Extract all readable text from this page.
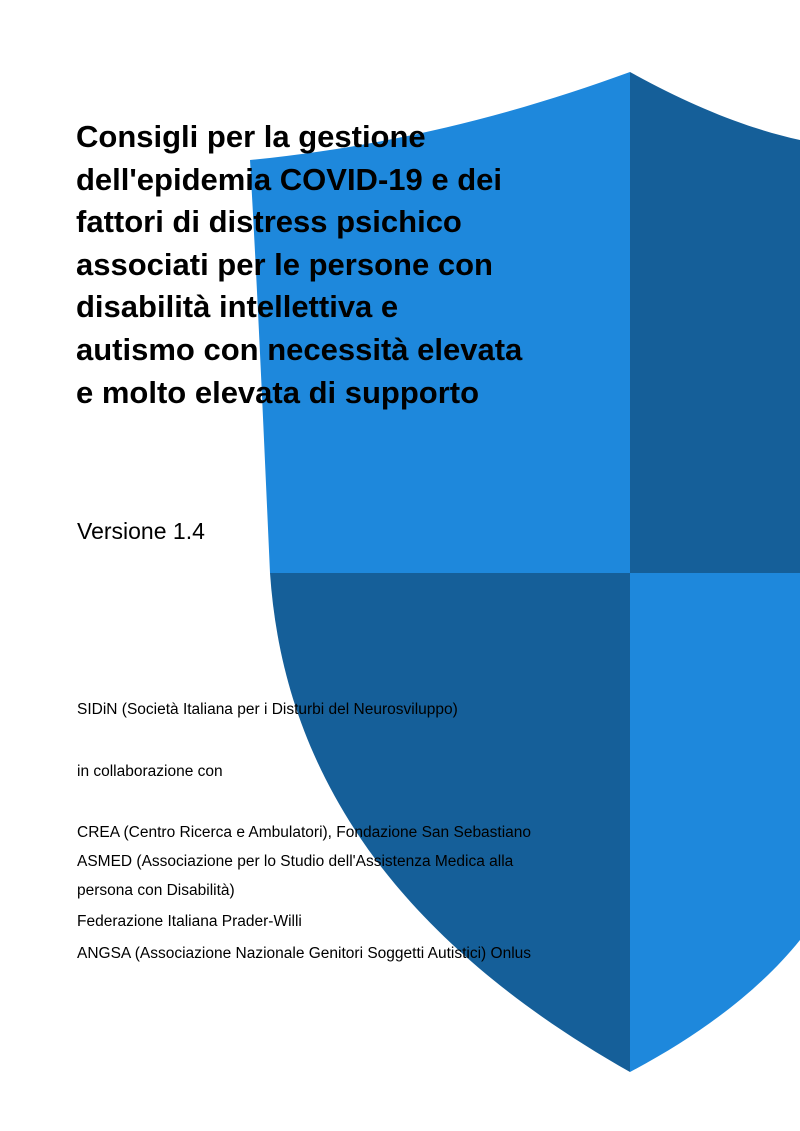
Consigli per la gestione
dell'epidemia COVID-19 e dei
fattori di distress psichico
associati per le persone con
disabilità intellettiva e
autismo con necessità elevata
e molto elevata di supporto

Versione 1.4

SIDiN (Società Italiana per i Disturbi del Neurosviluppo)

in collaborazione con

CREA (Centro Ricerca e Ambulatori), Fondazione San Sebastiano

ASMED (Associazione per lo Studio dell'Assistenza Medica alla

persona con Disabilità)

Federazione Italiana Prader-Willi

ANGSA (Associazione Nazionale Genitori Soggetti Autistici) Onlus
